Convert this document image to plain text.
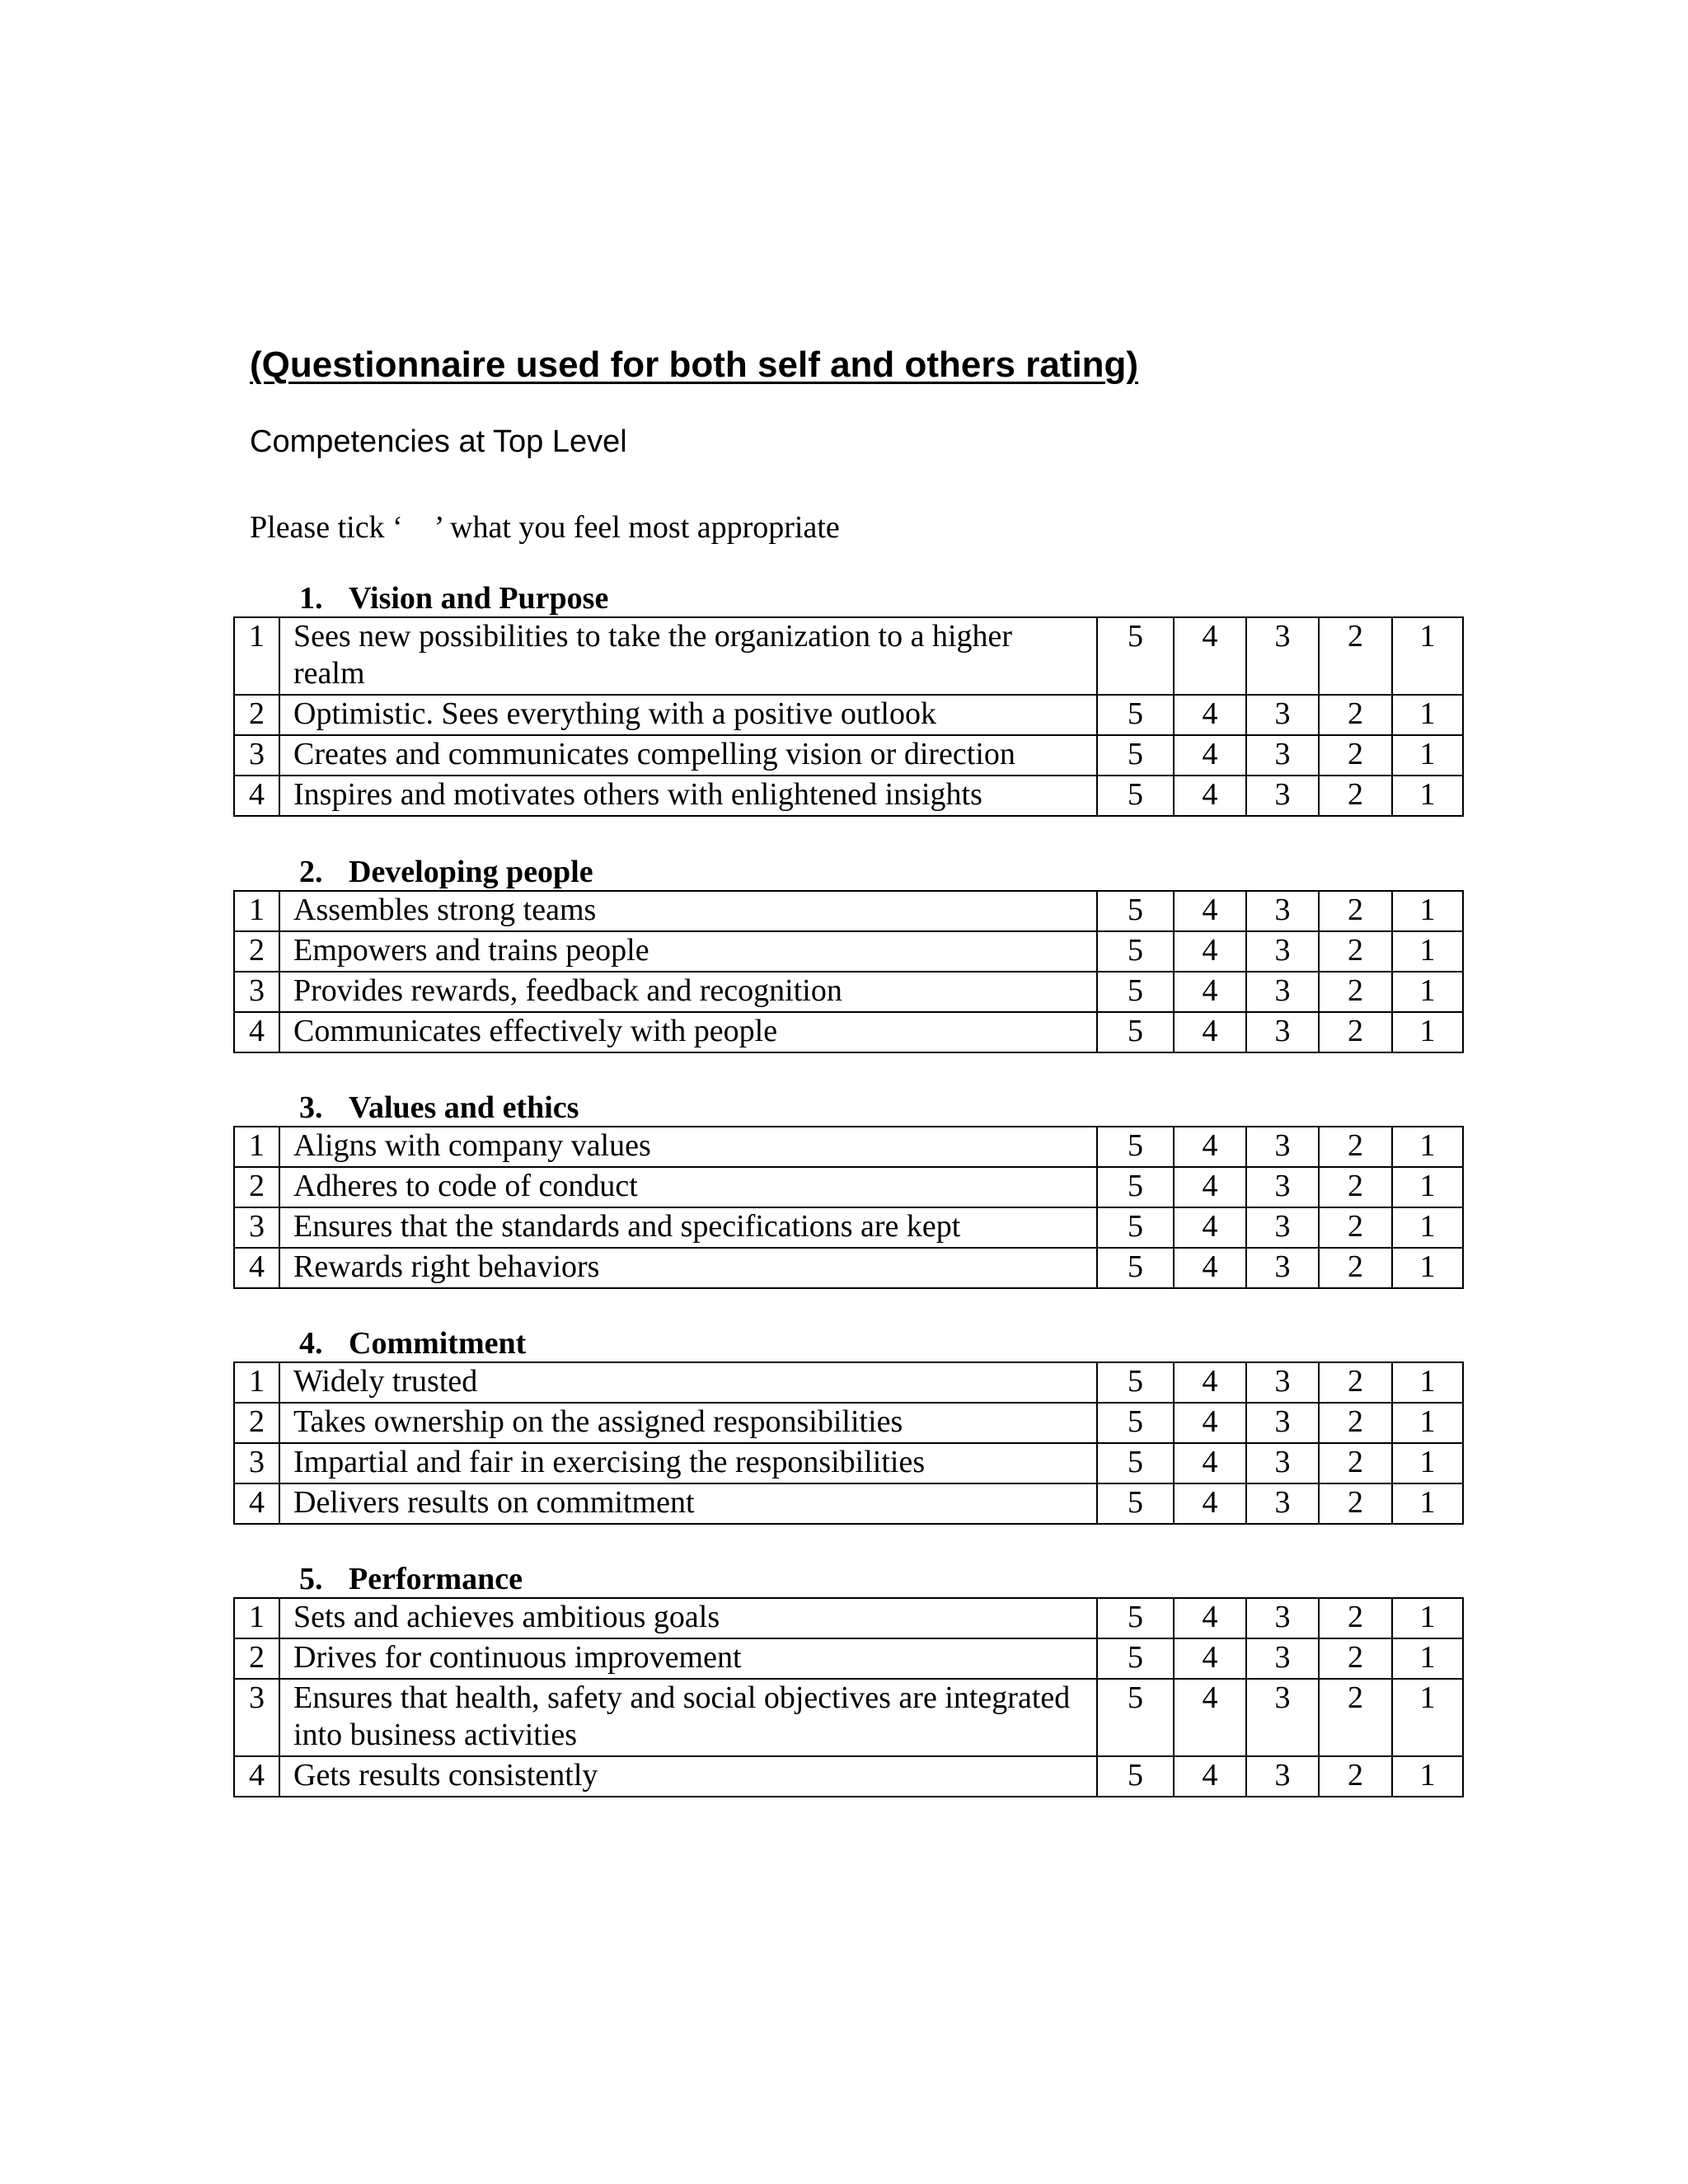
(Questionnaire used for both self and others rating)

Competencies at Top Level

Please tick ‘    ’ what you feel most appropriate

1. Vision and Purpose
1	Sees new possibilities to take the organization to a higher realm	5	4	3	2	1
2	Optimistic. Sees everything with a positive outlook	5	4	3	2	1
3	Creates and communicates compelling vision or direction	5	4	3	2	1
4	Inspires and motivates others with enlightened insights	5	4	3	2	1
2. Developing people
1	Assembles strong teams	5	4	3	2	1
2	Empowers and trains people	5	4	3	2	1
3	Provides rewards, feedback and recognition	5	4	3	2	1
4	Communicates effectively with people	5	4	3	2	1
3. Values and ethics
1	Aligns with company values	5	4	3	2	1
2	Adheres to code of conduct	5	4	3	2	1
3	Ensures that the standards and specifications are kept	5	4	3	2	1
4	Rewards right behaviors	5	4	3	2	1
4. Commitment
1	Widely trusted	5	4	3	2	1
2	Takes ownership on the assigned responsibilities	5	4	3	2	1
3	Impartial and fair in exercising the responsibilities	5	4	3	2	1
4	Delivers results on commitment	5	4	3	2	1
5. Performance
1	Sets and achieves ambitious goals	5	4	3	2	1
2	Drives for continuous improvement	5	4	3	2	1
3	Ensures that health, safety and social objectives are integrated into business activities	5	4	3	2	1
4	Gets results consistently	5	4	3	2	1
